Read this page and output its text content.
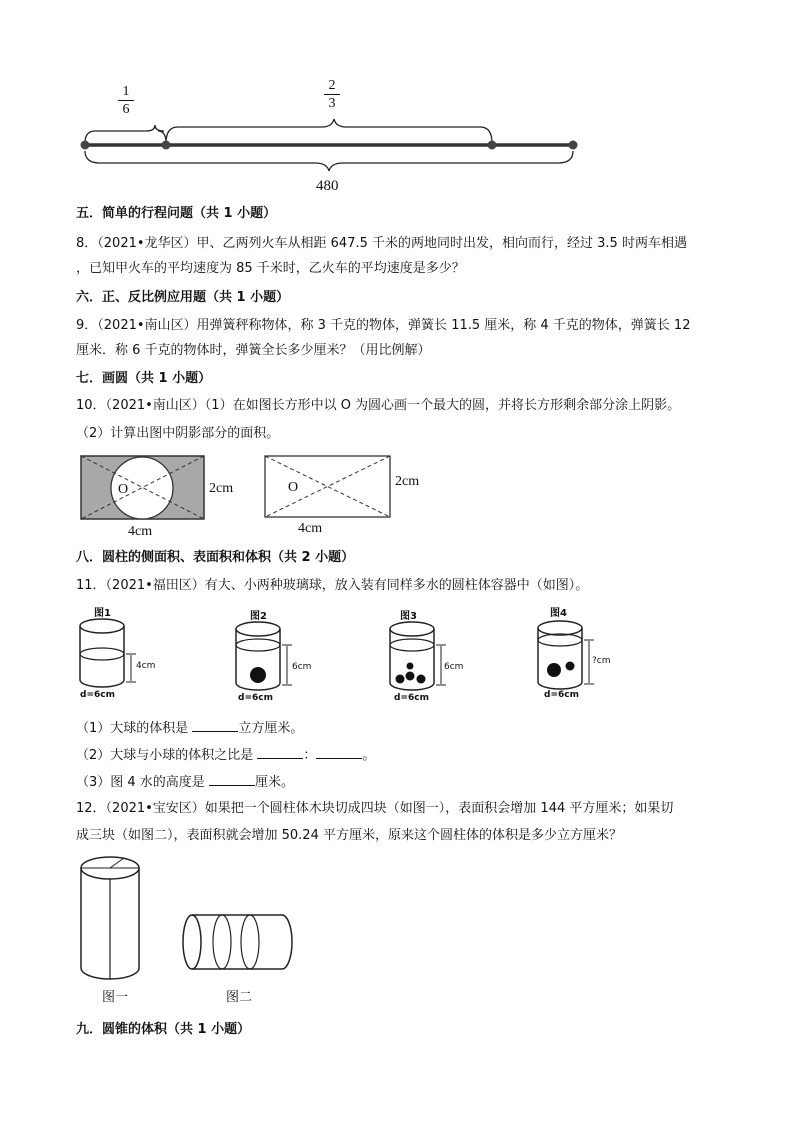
1
6
2
3
480
五．简单的行程问题（共 1 小题）
8．（2021•龙华区）甲、乙两列火车从相距 647.5 千米的两地同时出发，相向而行，经过 3.5 时两车相遇
，已知甲火车的平均速度为 85 千米时，乙火车的平均速度是多少？
六．正、反比例应用题（共 1 小题）
9．（2021•南山区）用弹簧秤称物体，称 3 千克的物体，弹簧长 11.5 厘米，称 4 千克的物体，弹簧长 12
厘米．称 6 千克的物体时，弹簧全长多少厘米？（用比例解）
七．画圆（共 1 小题）
10．（2021•南山区）（1）在如图长方形中以 O 为圆心画一个最大的圆，并将长方形剩余部分涂上阴影。
（2）计算出图中阴影部分的面积。
O	2cm
4cm
O	2cm
4cm
八．圆柱的侧面积、表面积和体积（共 2 小题）
11．（2021•福田区）有大、小两种玻璃球，放入装有同样多水的圆柱体容器中（如图）。
图1
4cm
d=6cm
图2
6cm
d=6cm
图3
6cm
d=6cm
图4
?cm
d=6cm
（1）大球的体积是	立方厘米。
（2）大球与小球的体积之比是	：	。
（3）图 4 水的高度是	厘米。
12．（2021•宝安区）如果把一个圆柱体木块切成四块（如图一），表面积会增加 144 平方厘米；如果切
成三块（如图二），表面积就会增加 50.24 平方厘米，原来这个圆柱体的体积是多少立方厘米？
图一	图二
九．圆锥的体积（共 1 小题）
